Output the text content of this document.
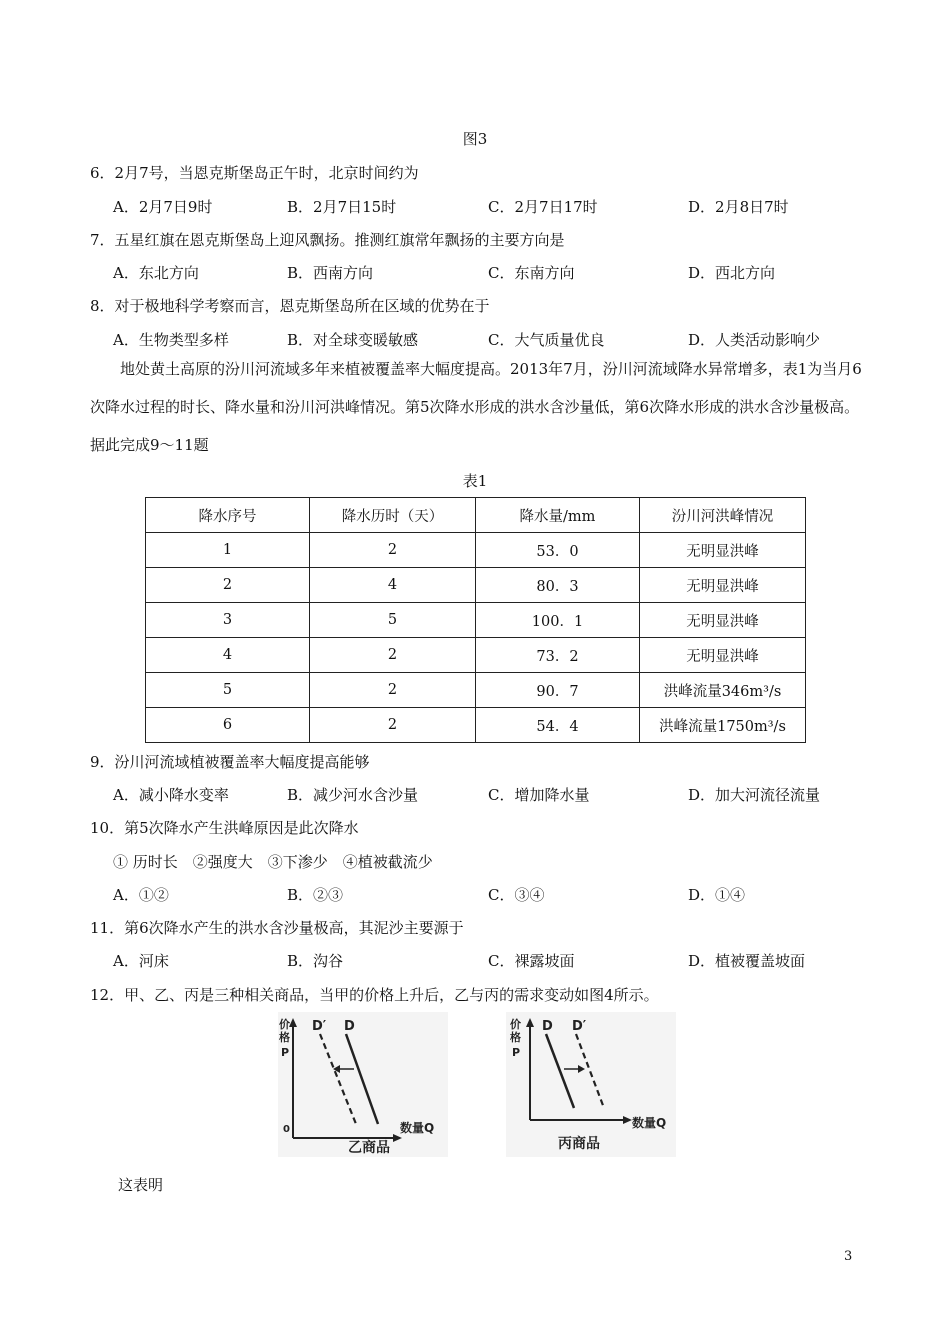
图3
6．2月7号，当恩克斯堡岛正午时，北京时间约为
A．2月7日9时	B．2月7日15时	C．2月7日17时	D．2月8日7时
7．五星红旗在恩克斯堡岛上迎风飘扬。推测红旗常年飘扬的主要方向是
A．东北方向	B．西南方向	C．东南方向	D．西北方向
8．对于极地科学考察而言，恩克斯堡岛所在区域的优势在于
A．生物类型多样	B．对全球变暖敏感	C．大气质量优良	D．人类活动影响少
地处黄土高原的汾川河流域多年来植被覆盖率大幅度提高。2013年7月，汾川河流域降水异常增多，表1为当月6次降水过程的时长、降水量和汾川河洪峰情况。第5次降水形成的洪水含沙量低，第6次降水形成的洪水含沙量极高。据此完成9～11题
表1
降水序号	降水历时（天）	降水量/mm	汾川河洪峰情况
1	2	53．0	无明显洪峰
2	4	80．3	无明显洪峰
3	5	100．1	无明显洪峰
4	2	73．2	无明显洪峰
5	2	90．7	洪峰流量346m³/s
6	2	54．4	洪峰流量1750m³/s
9．汾川河流域植被覆盖率大幅度提高能够
A．减小降水变率	B．减少河水含沙量	C．增加降水量	D．加大河流径流量
10．第5次降水产生洪峰原因是此次降水
① 历时长　②强度大　③下渗少　④植被截流少
A．①②	B．②③	C．③④	D．①④
11．第6次降水产生的洪水含沙量极高，其泥沙主要源于
A．河床	B．沟谷	C．裸露坡面	D．植被覆盖坡面
12．甲、乙、丙是三种相关商品，当甲的价格上升后，乙与丙的需求变动如图4所示。
价
格
P
0	数量Q
D′ D
乙商品
价
格
P
数量Q
D D′
丙商品
这表明
3
